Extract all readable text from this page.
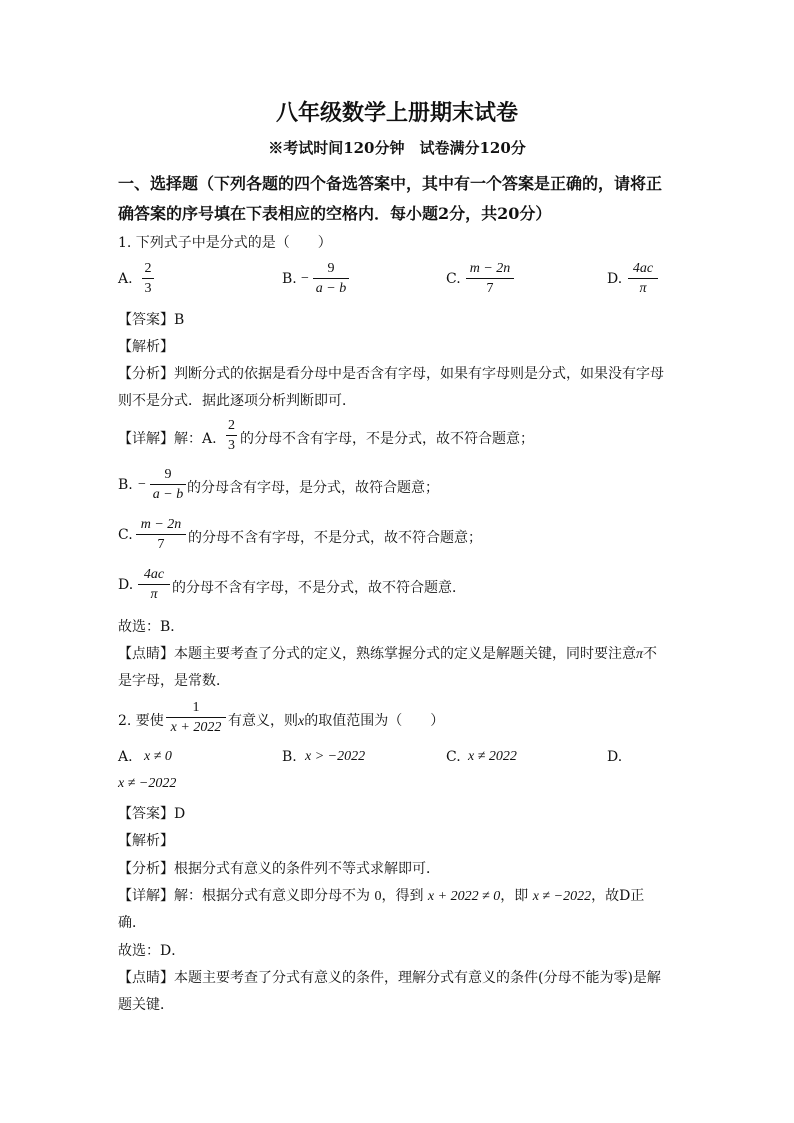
八年级数学上册期末试卷
※考试时间120分钟　试卷满分120分
一、选择题（下列各题的四个备选答案中，其中有一个答案是正确的，请将正
确答案的序号填在下表相应的空格内．每小题2分，共20分）
1. 下列式子中是分式的是（　　）
A.
2
3
B. −
9
a − b
C.
m − 2n
7
D.
4ac
π
【答案】B
【解析】
【分析】判断分式的依据是看分母中是否含有字母，如果有字母则是分式，如果没有字母
则不是分式．据此逐项分析判断即可．
【详解】解：A.
2
3 的分母不含有字母，不是分式，故不符合题意；
B. −
9
a − b 的分母含有字母，是分式，故符合题意；
C.
m − 2n
7	的分母不含有字母，不是分式，故不符合题意；
D.
4ac
π	的分母不含有字母，不是分式，故不符合题意．
故选：B．
【点睛】本题主要考查了分式的定义，熟练掌握分式的定义是解题关键，同时要注意π不
是字母，是常数．
2. 要使
1
x + 2022 有意义，则x的取值范围为（　　）
A. x ≠ 0	B. x > −2022	C. x ≠ 2022	D.
x ≠ −2022
【答案】D
【解析】
【分析】根据分式有意义的条件列不等式求解即可．
【详解】解：根据分式有意义即分母不为 0，得到 x + 2022 ≠ 0，即 x ≠ −2022，故D正
确．
故选：D．
【点睛】本题主要考查了分式有意义的条件，理解分式有意义的条件(分母不能为零)是解
题关键．
